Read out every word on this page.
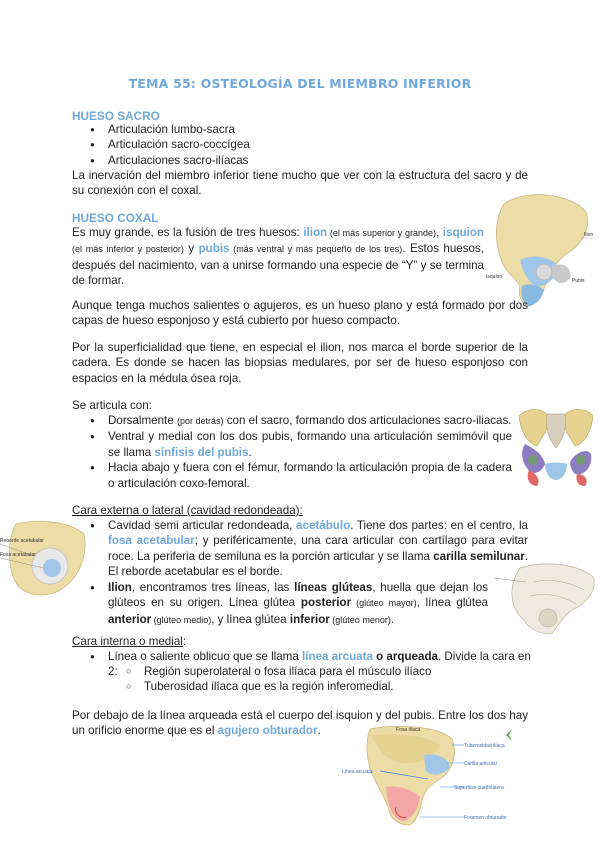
TEMA 55: OSTEOLOGÍA DEL MIEMBRO INFERIOR
HUESO SACRO
● Articulación lumbo-sacra
● Articulación sacro-coccígea
● Articulaciones sacro-ilíacas
La inervación del miembro inferior tiene mucho que ver con la estructura del sacro y de su conexión con el coxal.
HUESO COXAL
Es muy grande, es la fusión de tres huesos: ilion (el más superior y grande), isquion (el más inferior y posterior) y pubis (más ventral y más pequeño de los tres). Estos huesos, después del nacimiento, van a unirse formando una especie de “Y” y se termina de formar.
Ilion
Isquion
Pubis
Aunque tenga muchos salientes o agujeros, es un hueso plano y está formado por dos capas de hueso esponjoso y está cubierto por hueso compacto.
Por la superficialidad que tiene, en especial el ilion, nos marca el borde superior de la cadera. Es donde se hacen las biopsias medulares, por ser de hueso esponjoso con espacios en la médula ósea roja.
Se articula con:
● Dorsalmente (por detrás) con el sacro, formando dos articulaciones sacro-iliacas.
● Ventral y medial con los dos pubis, formando una articulación semimóvil que se llama sínfisis del pubis.
● Hacia abajo y fuera con el fémur, formando la articulación propia de la cadera o articulación coxo-femoral.
Cara externa o lateral (cavidad redondeada):
● Cavidad semi articular redondeada, acetábulo. Tiene dos partes: en el centro, la fosa acetabular; y periféricamente, una cara articular con cartílago para evitar roce. La periferia de semiluna es la porción articular y se llama carilla semilunar. El reborde acetabular es el borde.
● Ilion, encontramos tres líneas, las líneas glúteas, huella que dejan los glúteos en su origen. Línea glútea posterior (glúteo mayor), línea glútea anterior (glúteo medio), y línea glútea inferior (glúteo menor).
Reborde acetabular
Fosa acetabular
Cara interna o medial:
● Línea o saliente oblicuo que se llama línea arcuata o arqueada. Divide la cara en 2:
○	Región superolateral o fosa ilíaca para el músculo ilíaco
○ Tuberosidad ilíaca que es la región inferomedial.
Por debajo de la línea arqueada está el cuerpo del isquion y del pubis. Entre los dos hay un orificio enorme que es el agujero obturador.	Fosa ilíaca
Tuberosidad ilíaca
Línea arcuata
Carilla articular
Superficie cuadrilátera
Foramen obturador
